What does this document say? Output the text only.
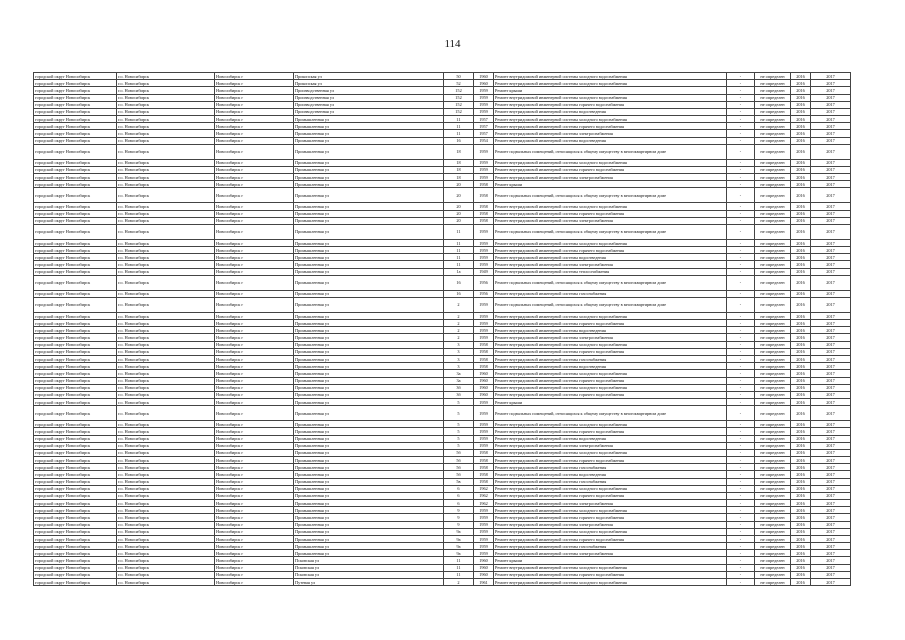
114
городской округ Новосибирск	г.о. Новосибирск	Новосибирск г	Прокопская ул	50	1960	Ремонт внутридомовой инженерной системы холодного водоснабжения	-	не определен	2016	2017
городской округ Новосибирск	г.о. Новосибирск	Новосибирск г	Прокопская ул	52	1960	Ремонт внутридомовой инженерной системы холодного водоснабжения	-	не определен	2016	2017
городской округ Новосибирск	г.о. Новосибирск	Новосибирск г	Производственная ул	152	1959	Ремонт крыши	-	не определен	2016	2017
городской округ Новосибирск	г.о. Новосибирск	Новосибирск г	Производственная ул	152	1959	Ремонт внутридомовой инженерной системы холодного водоснабжения	-	не определен	2016	2017
городской округ Новосибирск	г.о. Новосибирск	Новосибирск г	Производственная ул	152	1959	Ремонт внутридомовой инженерной системы горячего водоснабжения	-	не определен	2016	2017
городской округ Новосибирск	г.о. Новосибирск	Новосибирск г	Производственная ул	152	1959	Ремонт внутридомовой инженерной системы водоотведения	-	не определен	2016	2017
городской округ Новосибирск	г.о. Новосибирск	Новосибирск г	Промышленная ул	11	1957	Ремонт внутридомовой инженерной системы холодного водоснабжения	-	не определен	2016	2017
городской округ Новосибирск	г.о. Новосибирск	Новосибирск г	Промышленная ул	11	1957	Ремонт внутридомовой инженерной системы горячего водоснабжения	-	не определен	2016	2017
городской округ Новосибирск	г.о. Новосибирск	Новосибирск г	Промышленная ул	11	1957	Ремонт внутридомовой инженерной системы электроснабжения	-	не определен	2016	2017
городской округ Новосибирск	г.о. Новосибирск	Новосибирск г	Промышленная ул	16	1954	Ремонт внутридомовой инженерной системы водоотведения	-	не определен	2016	2017
городской округ Новосибирск	г.о. Новосибирск	Новосибирск г	Промышленная ул	18	1959	Ремонт подвальных помещений, относящихся к общему имуществу в многоквартирном доме	-	не определен	2016	2017
городской округ Новосибирск	г.о. Новосибирск	Новосибирск г	Промышленная ул	18	1959	Ремонт внутридомовой инженерной системы холодного водоснабжения	-	не определен	2016	2017
городской округ Новосибирск	г.о. Новосибирск	Новосибирск г	Промышленная ул	18	1959	Ремонт внутридомовой инженерной системы горячего водоснабжения	-	не определен	2016	2017
городской округ Новосибирск	г.о. Новосибирск	Новосибирск г	Промышленная ул	18	1959	Ремонт внутридомовой инженерной системы электроснабжения	-	не определен	2016	2017
городской округ Новосибирск	г.о. Новосибирск	Новосибирск г	Промышленная ул	20	1958	Ремонт крыши	-	не определен	2016	2017
городской округ Новосибирск	г.о. Новосибирск	Новосибирск г	Промышленная ул	20	1958	Ремонт подвальных помещений, относящихся к общему имуществу в многоквартирном доме	-	не определен	2016	2017
городской округ Новосибирск	г.о. Новосибирск	Новосибирск г	Промышленная ул	20	1958	Ремонт внутридомовой инженерной системы холодного водоснабжения	-	не определен	2016	2017
городской округ Новосибирск	г.о. Новосибирск	Новосибирск г	Промышленная ул	20	1958	Ремонт внутридомовой инженерной системы горячего водоснабжения	-	не определен	2016	2017
городской округ Новосибирск	г.о. Новосибирск	Новосибирск г	Промышленная ул	20	1958	Ремонт внутридомовой инженерной системы электроснабжения	-	не определен	2016	2017
городской округ Новосибирск	г.о. Новосибирск	Новосибирск г	Промышленная ул	11	1959	Ремонт подвальных помещений, относящихся к общему имуществу в многоквартирном доме	-	не определен	2016	2017
городской округ Новосибирск	г.о. Новосибирск	Новосибирск г	Промышленная ул	11	1959	Ремонт внутридомовой инженерной системы холодного водоснабжения	-	не определен	2016	2017
городской округ Новосибирск	г.о. Новосибирск	Новосибирск г	Промышленная ул	11	1959	Ремонт внутридомовой инженерной системы горячего водоснабжения	-	не определен	2016	2017
городской округ Новосибирск	г.о. Новосибирск	Новосибирск г	Промышленная ул	11	1959	Ремонт внутридомовой инженерной системы водоотведения	-	не определен	2016	2017
городской округ Новосибирск	г.о. Новосибирск	Новосибирск г	Промышленная ул	11	1959	Ремонт внутридомовой инженерной системы электроснабжения	-	не определен	2016	2017
городской округ Новосибирск	г.о. Новосибирск	Новосибирск г	Промышленная ул	1а	1949	Ремонт внутридомовой инженерной системы теплоснабжения	-	не определен	2016	2017
городской округ Новосибирск	г.о. Новосибирск	Новосибирск г	Промышленная ул	16	1956	Ремонт подвальных помещений, относящихся к общему имуществу в многоквартирном доме	-	не определен	2016	2017
городской округ Новосибирск	г.о. Новосибирск	Новосибирск г	Промышленная ул	16	1956	Ремонт внутридомовой инженерной системы газоснабжения	-	не определен	2016	2017
городской округ Новосибирск	г.о. Новосибирск	Новосибирск г	Промышленная ул	2	1959	Ремонт подвальных помещений, относящихся к общему имуществу в многоквартирном доме	-	не определен	2016	2017
городской округ Новосибирск	г.о. Новосибирск	Новосибирск г	Промышленная ул	2	1959	Ремонт внутридомовой инженерной системы холодного водоснабжения	-	не определен	2016	2017
городской округ Новосибирск	г.о. Новосибирск	Новосибирск г	Промышленная ул	2	1959	Ремонт внутридомовой инженерной системы горячего водоснабжения	-	не определен	2016	2017
городской округ Новосибирск	г.о. Новосибирск	Новосибирск г	Промышленная ул	2	1959	Ремонт внутридомовой инженерной системы водоотведения	-	не определен	2016	2017
городской округ Новосибирск	г.о. Новосибирск	Новосибирск г	Промышленная ул	2	1959	Ремонт внутридомовой инженерной системы электроснабжения	-	не определен	2016	2017
городской округ Новосибирск	г.о. Новосибирск	Новосибирск г	Промышленная ул	3	1958	Ремонт внутридомовой инженерной системы холодного водоснабжения	-	не определен	2016	2017
городской округ Новосибирск	г.о. Новосибирск	Новосибирск г	Промышленная ул	3	1958	Ремонт внутридомовой инженерной системы горячего водоснабжения	-	не определен	2016	2017
городской округ Новосибирск	г.о. Новосибирск	Новосибирск г	Промышленная ул	3	1958	Ремонт внутридомовой инженерной системы газоснабжения	-	не определен	2016	2017
городской округ Новосибирск	г.о. Новосибирск	Новосибирск г	Промышленная ул	3	1958	Ремонт внутридомовой инженерной системы водоотведения	-	не определен	2016	2017
городской округ Новосибирск	г.о. Новосибирск	Новосибирск г	Промышленная ул	3а	1960	Ремонт внутридомовой инженерной системы холодного водоснабжения	-	не определен	2016	2017
городской округ Новосибирск	г.о. Новосибирск	Новосибирск г	Промышленная ул	3а	1960	Ремонт внутридомовой инженерной системы горячего водоснабжения	-	не определен	2016	2017
городской округ Новосибирск	г.о. Новосибирск	Новосибирск г	Промышленная ул	3б	1960	Ремонт внутридомовой инженерной системы холодного водоснабжения	-	не определен	2016	2017
городской округ Новосибирск	г.о. Новосибирск	Новосибирск г	Промышленная ул	3б	1960	Ремонт внутридомовой инженерной системы горячего водоснабжения	-	не определен	2016	2017
городской округ Новосибирск	г.о. Новосибирск	Новосибирск г	Промышленная ул	5	1959	Ремонт крыши	-	не определен	2016	2017
городской округ Новосибирск	г.о. Новосибирск	Новосибирск г	Промышленная ул	5	1959	Ремонт подвальных помещений, относящихся к общему имуществу в многоквартирном доме	-	не определен	2016	2017
городской округ Новосибирск	г.о. Новосибирск	Новосибирск г	Промышленная ул	5	1959	Ремонт внутридомовой инженерной системы холодного водоснабжения	-	не определен	2016	2017
городской округ Новосибирск	г.о. Новосибирск	Новосибирск г	Промышленная ул	5	1959	Ремонт внутридомовой инженерной системы горячего водоснабжения	-	не определен	2016	2017
городской округ Новосибирск	г.о. Новосибирск	Новосибирск г	Промышленная ул	5	1959	Ремонт внутридомовой инженерной системы водоотведения	-	не определен	2016	2017
городской округ Новосибирск	г.о. Новосибирск	Новосибирск г	Промышленная ул	5	1959	Ремонт внутридомовой инженерной системы электроснабжения	-	не определен	2016	2017
городской округ Новосибирск	г.о. Новосибирск	Новосибирск г	Промышленная ул	5б	1958	Ремонт внутридомовой инженерной системы холодного водоснабжения	-	не определен	2016	2017
городской округ Новосибирск	г.о. Новосибирск	Новосибирск г	Промышленная ул	5б	1958	Ремонт внутридомовой инженерной системы горячего водоснабжения	-	не определен	2016	2017
городской округ Новосибирск	г.о. Новосибирск	Новосибирск г	Промышленная ул	5б	1958	Ремонт внутридомовой инженерной системы газоснабжения	-	не определен	2016	2017
городской округ Новосибирск	г.о. Новосибирск	Новосибирск г	Промышленная ул	5б	1958	Ремонт внутридомовой инженерной системы водоотведения	-	не определен	2016	2017
городской округ Новосибирск	г.о. Новосибирск	Новосибирск г	Промышленная ул	5в	1958	Ремонт внутридомовой инженерной системы газоснабжения	-	не определен	2016	2017
городской округ Новосибирск	г.о. Новосибирск	Новосибирск г	Промышленная ул	6	1962	Ремонт внутридомовой инженерной системы холодного водоснабжения	-	не определен	2016	2017
городской округ Новосибирск	г.о. Новосибирск	Новосибирск г	Промышленная ул	6	1962	Ремонт внутридомовой инженерной системы горячего водоснабжения	-	не определен	2016	2017
городской округ Новосибирск	г.о. Новосибирск	Новосибирск г	Промышленная ул	6	1962	Ремонт внутридомовой инженерной системы электроснабжения	-	не определен	2016	2017
городской округ Новосибирск	г.о. Новосибирск	Новосибирск г	Промышленная ул	9	1959	Ремонт внутридомовой инженерной системы холодного водоснабжения	-	не определен	2016	2017
городской округ Новосибирск	г.о. Новосибирск	Новосибирск г	Промышленная ул	9	1959	Ремонт внутридомовой инженерной системы горячего водоснабжения	-	не определен	2016	2017
городской округ Новосибирск	г.о. Новосибирск	Новосибирск г	Промышленная ул	9	1959	Ремонт внутридомовой инженерной системы электроснабжения	-	не определен	2016	2017
городской округ Новосибирск	г.о. Новосибирск	Новосибирск г	Промышленная ул	9а	1959	Ремонт внутридомовой инженерной системы холодного водоснабжения	-	не определен	2016	2017
городской округ Новосибирск	г.о. Новосибирск	Новосибирск г	Промышленная ул	9а	1959	Ремонт внутридомовой инженерной системы горячего водоснабжения	-	не определен	2016	2017
городской округ Новосибирск	г.о. Новосибирск	Новосибирск г	Промышленная ул	9а	1959	Ремонт внутридомовой инженерной системы газоснабжения	-	не определен	2016	2017
городской округ Новосибирск	г.о. Новосибирск	Новосибирск г	Промышленная ул	9а	1959	Ремонт внутридомовой инженерной системы электроснабжения	-	не определен	2016	2017
городской округ Новосибирск	г.о. Новосибирск	Новосибирск г	Псковская ул	11	1960	Ремонт крыши	-	не определен	2016	2017
городской округ Новосибирск	г.о. Новосибирск	Новосибирск г	Псковская ул	11	1960	Ремонт внутридомовой инженерной системы холодного водоснабжения	-	не определен	2016	2017
городской округ Новосибирск	г.о. Новосибирск	Новосибирск г	Псковская ул	11	1960	Ремонт внутридомовой инженерной системы горячего водоснабжения	-	не определен	2016	2017
городской округ Новосибирск	г.о. Новосибирск	Новосибирск г	Путевая ул	2	1961	Ремонт внутридомовой инженерной системы холодного водоснабжения	-	не определен	2016	2017
